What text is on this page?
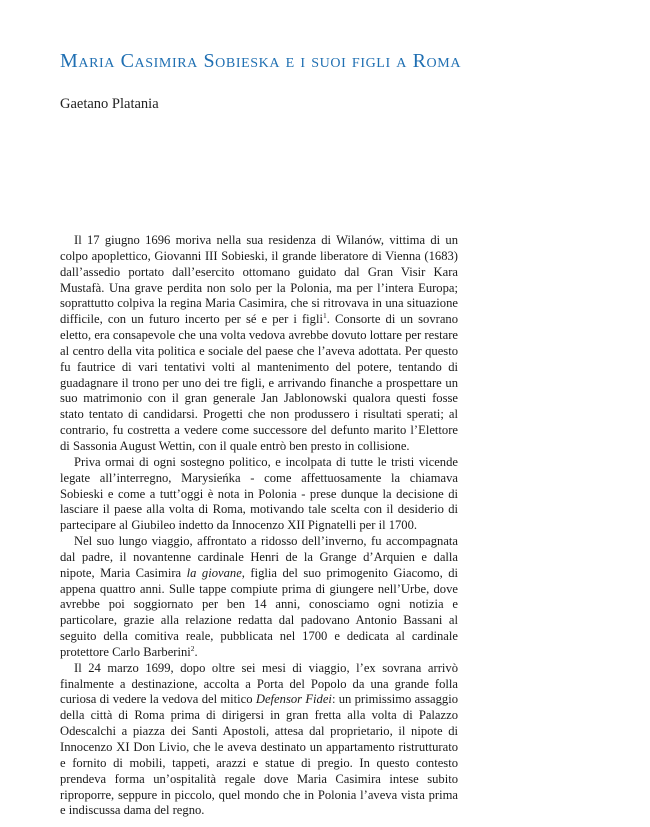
Maria Casimira Sobieska e i suoi figli a Roma
Gaetano Platania

Il 17 giugno 1696 moriva nella sua residenza di Wilanów, vittima di un colpo apoplettico, Giovanni III Sobieski, il grande liberatore di Vienna (1683) dall’assedio portato dall’esercito ottomano guidato dal Gran Visir Kara Mustafà. Una grave perdita non solo per la Polonia, ma per l’intera Europa; soprattutto colpiva la regina Maria Casimira, che si ritrovava in una situazione difficile, con un futuro incerto per sé e per i figli$^1$. Consorte di un sovrano eletto, era consapevole che una volta vedova avrebbe dovuto lottare per restare al centro della vita politica e sociale del paese che l’aveva adottata. Per questo fu fautrice di vari tentativi volti al mantenimento del potere, tentando di guadagnare il trono per uno dei tre figli, e arrivando finanche a prospettare un suo matrimonio con il gran generale Jan Jablonowski qualora questi fosse stato tentato di candidarsi. Progetti che non produssero i risultati sperati; al contrario, fu costretta a vedere come successore del defunto marito l’Elettore di Sassonia August Wettin, con il quale entrò ben presto in collisione.

Priva ormai di ogni sostegno politico, e incolpata di tutte le tristi vicende legate all’interregno, Marysieńka - come affettuosamente la chiamava Sobieski e come a tutt’oggi è nota in Polonia - prese dunque la decisione di lasciare il paese alla volta di Roma, motivando tale scelta con il desiderio di partecipare al Giubileo indetto da Innocenzo XII Pignatelli per il 1700.

Nel suo lungo viaggio, affrontato a ridosso dell’inverno, fu accompagnata dal padre, il novantenne cardinale Henri de la Grange d’Arquien e dalla nipote, Maria Casimira la giovane, figlia del suo primogenito Giacomo, di appena quattro anni. Sulle tappe compiute prima di giungere nell’Urbe, dove avrebbe poi soggiornato per ben 14 anni, conosciamo ogni notizia e particolare, grazie alla relazione redatta dal padovano Antonio Bassani al seguito della comitiva reale, pubblicata nel 1700 e dedicata al cardinale protettore Carlo Barberini$^2$.

Il 24 marzo 1699, dopo oltre sei mesi di viaggio, l’ex sovrana arrivò finalmente a destinazione, accolta a Porta del Popolo da una grande folla curiosa di vedere la vedova del mitico Defensor Fidei: un primissimo assaggio della città di Roma prima di dirigersi in gran fretta alla volta di Palazzo Odescalchi a piazza dei Santi Apostoli, attesa dal proprietario, il nipote di Innocenzo XI Don Livio, che le aveva destinato un appartamento ristrutturato e fornito di mobili, tappeti, arazzi e statue di pregio. In questo contesto prendeva forma un’ospitalità regale dove Maria Casimira intese subito riproporre, seppure in piccolo, quel mondo che in Polonia l’aveva vista prima e indiscussa dama del regno.
